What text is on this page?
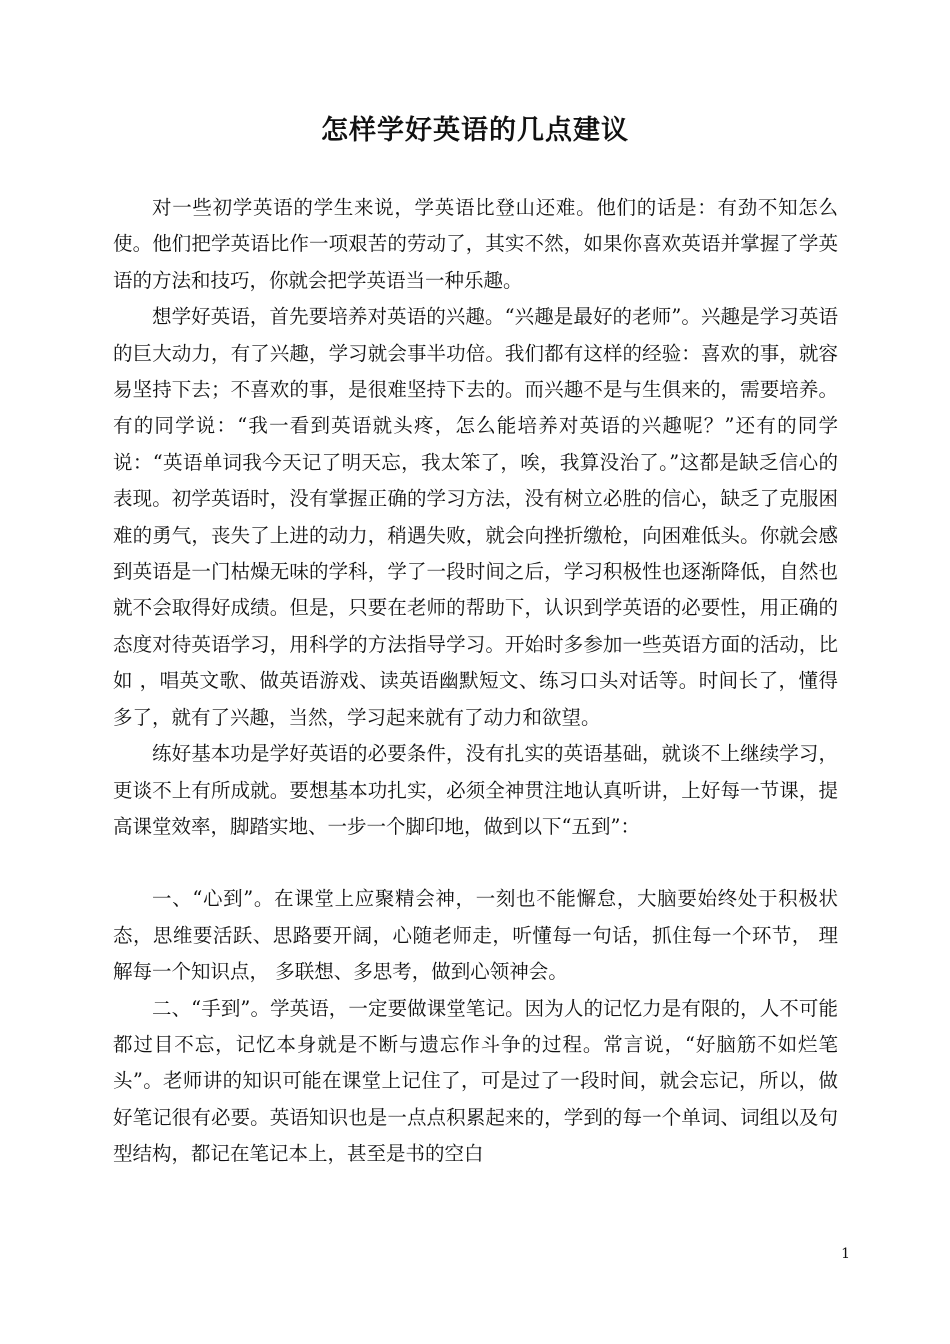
怎样学好英语的几点建议

对一些初学英语的学生来说，学英语比登山还难。他们的话是：有劲不知怎么使。他们把学英语比作一项艰苦的劳动了，其实不然，如果你喜欢英语并掌握了学英语的方法和技巧，你就会把学英语当一种乐趣。

想学好英语，首先要培养对英语的兴趣。“兴趣是最好的老师”。兴趣是学习英语的巨大动力，有了兴趣，学习就会事半功倍。我们都有这样的经验：喜欢的事，就容易坚持下去；不喜欢的事，是很难坚持下去的。而兴趣不是与生俱来的，需要培养。有的同学说：“我一看到英语就头疼，怎么能培养对英语的兴趣呢？”还有的同学说：“英语单词我今天记了明天忘，我太笨了，唉，我算没治了。”这都是缺乏信心的表现。初学英语时，没有掌握正确的学习方法，没有树立必胜的信心，缺乏了克服困难的勇气，丧失了上进的动力，稍遇失败，就会向挫折缴枪，向困难低头。你就会感到英语是一门枯燥无味的学科，学了一段时间之后，学习积极性也逐渐降低，自然也就不会取得好成绩。但是，只要在老师的帮助下，认识到学英语的必要性，用正确的态度对待英语学习，用科学的方法指导学习。开始时多参加一些英语方面的活动，比如 ，唱英文歌、做英语游戏、读英语幽默短文、练习口头对话等。时间长了，懂得多了，就有了兴趣，当然，学习起来就有了动力和欲望。

练好基本功是学好英语的必要条件，没有扎实的英语基础，就谈不上继续学习，更谈不上有所成就。要想基本功扎实，必须全神贯注地认真听讲，上好每一节课，提高课堂效率，脚踏实地、一步一个脚印地，做到以下“五到”：

一、“心到”。在课堂上应聚精会神，一刻也不能懈怠，大脑要始终处于积极状态，思维要活跃、思路要开阔，心随老师走，听懂每一句话，抓住每一个环节， 理解每一个知识点， 多联想、多思考，做到心领神会。

二、“手到”。学英语，一定要做课堂笔记。因为人的记忆力是有限的，人不可能都过目不忘，记忆本身就是不断与遗忘作斗争的过程。常言说，“好脑筋不如烂笔头”。老师讲的知识可能在课堂上记住了，可是过了一段时间，就会忘记，所以，做好笔记很有必要。英语知识也是一点点积累起来的，学到的每一个单词、词组以及句型结构，都记在笔记本上，甚至是书的空白

1
